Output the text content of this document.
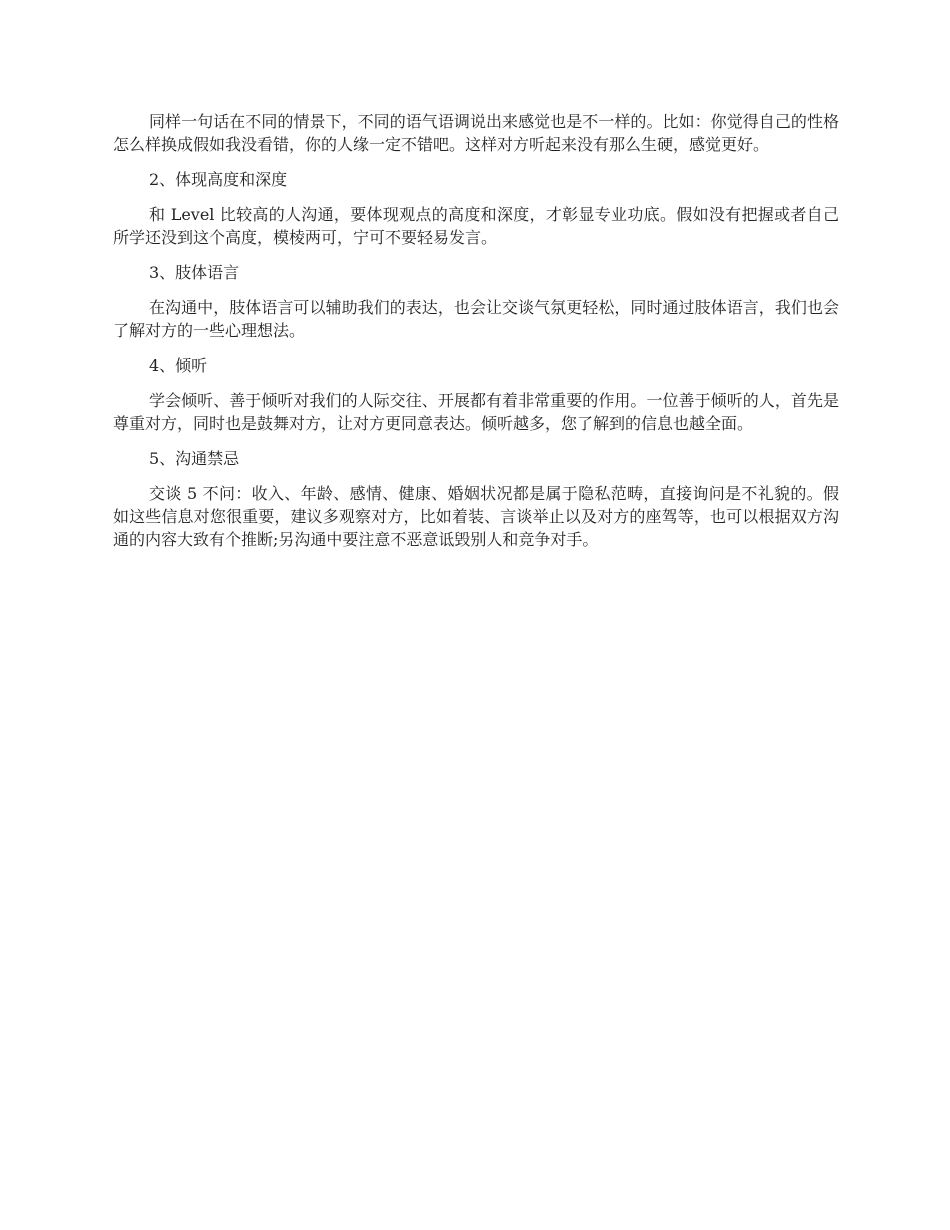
同样一句话在不同的情景下，不同的语气语调说出来感觉也是不一样的。比如：你觉得自己的性格怎么样换成假如我没看错，你的人缘一定不错吧。这样对方听起来没有那么生硬，感觉更好。

2、体现高度和深度

和 Level 比较高的人沟通，要体现观点的高度和深度，才彰显专业功底。假如没有把握或者自己所学还没到这个高度，模棱两可，宁可不要轻易发言。

3、肢体语言

在沟通中，肢体语言可以辅助我们的表达，也会让交谈气氛更轻松，同时通过肢体语言，我们也会了解对方的一些心理想法。

4、倾听

学会倾听、善于倾听对我们的人际交往、开展都有着非常重要的作用。一位善于倾听的人，首先是尊重对方，同时也是鼓舞对方，让对方更同意表达。倾听越多，您了解到的信息也越全面。

5、沟通禁忌

交谈 5 不问：收入、年龄、感情、健康、婚姻状况都是属于隐私范畴，直接询问是不礼貌的。假如这些信息对您很重要，建议多观察对方，比如着装、言谈举止以及对方的座驾等，也可以根据双方沟通的内容大致有个推断;另沟通中要注意不恶意诋毁别人和竞争对手。
